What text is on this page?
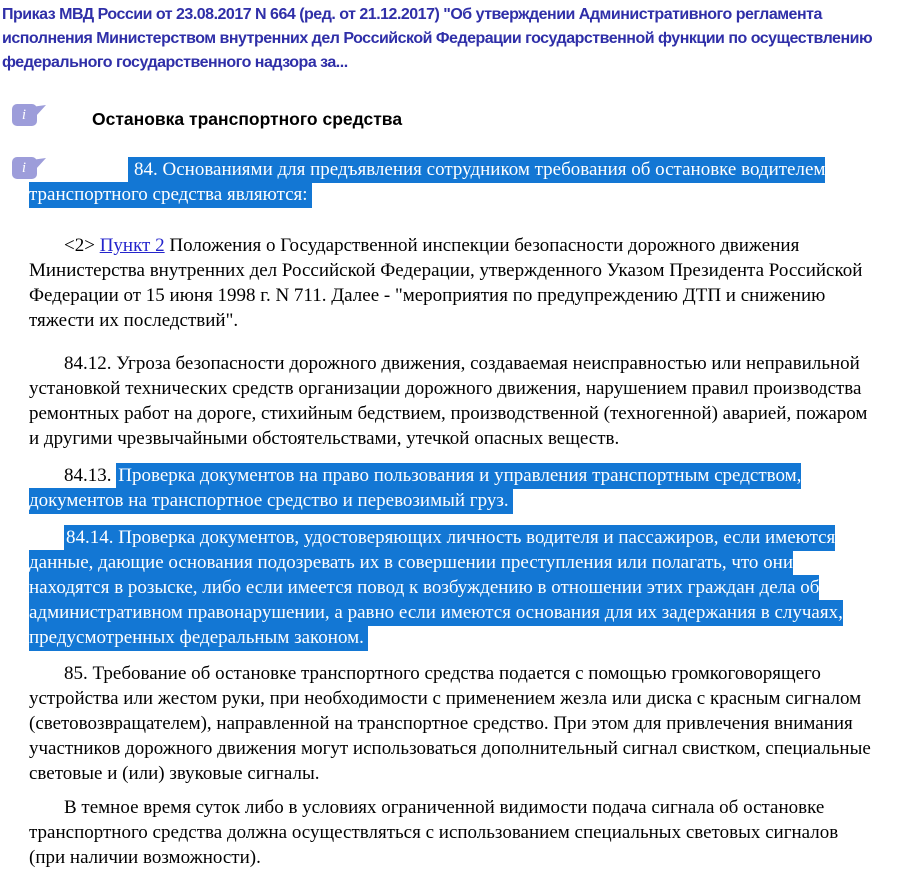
Приказ МВД России от 23.08.2017 N 664 (ред. от 21.12.2017) "Об утверждении Административного регламента исполнения Министерством внутренних дел Российской Федерации государственной функции по осуществлению федерального государственного надзора за...
i
i
Остановка транспортного средства

84. Основаниями для предъявления сотрудником требования об остановке водителем транспортного средства являются:

<2> Пункт 2 Положения о Государственной инспекции безопасности дорожного движения Министерства внутренних дел Российской Федерации, утвержденного Указом Президента Российской Федерации от 15 июня 1998 г. N 711. Далее - "мероприятия по предупреждению ДТП и снижению тяжести их последствий".

84.12. Угроза безопасности дорожного движения, создаваемая неисправностью или неправильной установкой технических средств организации дорожного движения, нарушением правил производства ремонтных работ на дороге, стихийным бедствием, производственной (техногенной) аварией, пожаром и другими чрезвычайными обстоятельствами, утечкой опасных веществ.

84.13. Проверка документов на право пользования и управления транспортным средством, документов на транспортное средство и перевозимый груз.

84.14. Проверка документов, удостоверяющих личность водителя и пассажиров, если имеются данные, дающие основания подозревать их в совершении преступления или полагать, что они находятся в розыске, либо если имеется повод к возбуждению в отношении этих граждан дела об административном правонарушении, а равно если имеются основания для их задержания в случаях, предусмотренных федеральным законом.

85. Требование об остановке транспортного средства подается с помощью громкоговорящего устройства или жестом руки, при необходимости с применением жезла или диска с красным сигналом (световозвращателем), направленной на транспортное средство. При этом для привлечения внимания участников дорожного движения могут использоваться дополнительный сигнал свистком, специальные световые и (или) звуковые сигналы.

В темное время суток либо в условиях ограниченной видимости подача сигнала об остановке транспортного средства должна осуществляться с использованием специальных световых сигналов (при наличии возможности).
